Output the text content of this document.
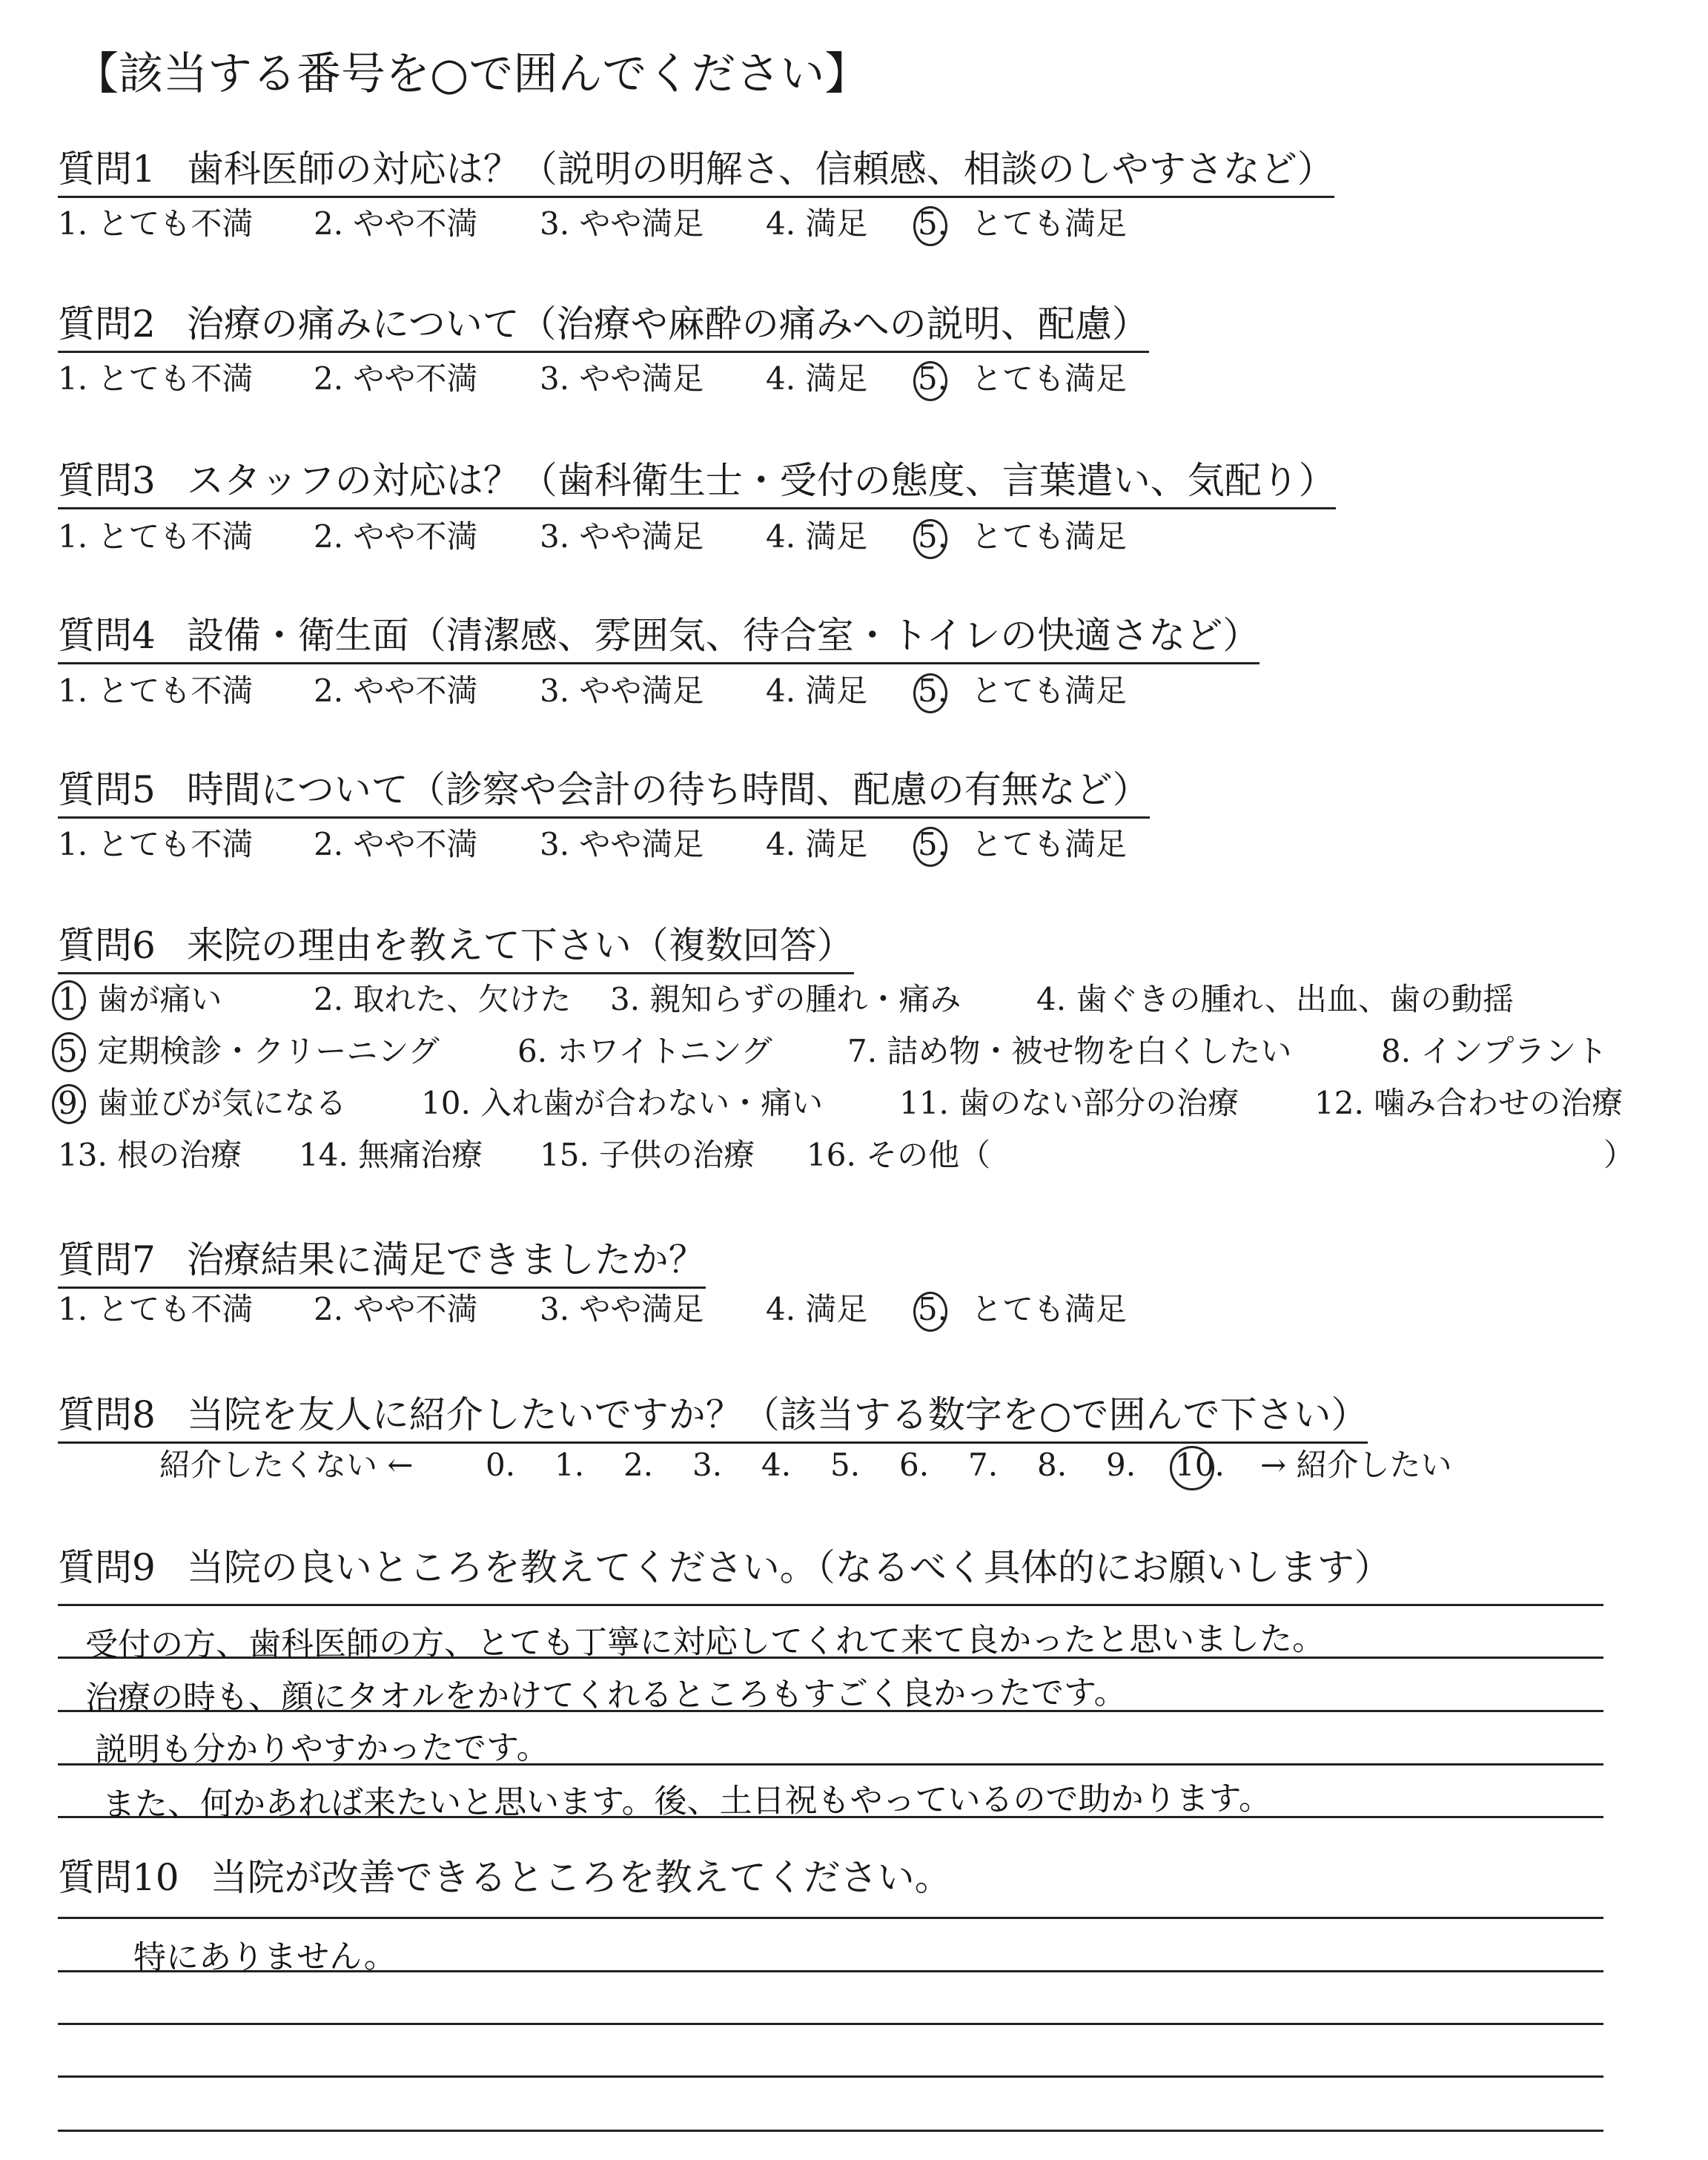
【該当する番号を○で囲んでください】
質問1 歯科医師の対応は？（説明の明解さ、信頼感、相談のしやすさなど）
1. とても不満 2. やや不満 3. やや満足 4. 満足 5. とても満足
質問2 治療の痛みについて（治療や麻酔の痛みへの説明、配慮）
1. とても不満 2. やや不満 3. やや満足 4. 満足 5. とても満足
質問3 スタッフの対応は？（歯科衛生士・受付の態度、言葉遣い、気配り）
1. とても不満 2. やや不満 3. やや満足 4. 満足 5. とても満足
質問4 設備・衛生面（清潔感、雰囲気、待合室・トイレの快適さなど）
1. とても不満 2. やや不満 3. やや満足 4. 満足 5. とても満足
質問5 時間について（診察や会計の待ち時間、配慮の有無など）
1. とても不満 2. やや不満 3. やや満足 4. 満足 5. とても満足
質問6 来院の理由を教えて下さい（複数回答）
1. 歯が痛い	2. 取れた、欠けた 3. 親知らずの腫れ・痛み 4. 歯ぐきの腫れ、出血、歯の動揺
5. 定期検診・クリーニング	6. ホワイトニング 7. 詰め物・被せ物を白くしたい	8. インプラント
9. 歯並びが気になる 10. 入れ歯が合わない・痛い 11. 歯のない部分の治療 12. 噛み合わせの治療
13. 根の治療 14. 無痛治療 15. 子供の治療 16. その他（	）
質問7 治療結果に満足できましたか？
1. とても不満 2. やや不満 3. やや満足 4. 満足 5. とても満足
質問8 当院を友人に紹介したいですか？（該当する数字を○で囲んで下さい）
紹介したくない ← 0. 1. 2. 3. 4. 5. 6. 7. 8. 9. 10. → 紹介したい
質問9 当院の良いところを教えてください。（なるべく具体的にお願いします）
受付の方、歯科医師の方、とても丁寧に対応してくれて来て良かったと思いました。
治療の時も、顔にタオルをかけてくれるところもすごく良かったです。
説明も分かりやすかったです。
また、何かあれば来たいと思います。後、土日祝もやっているので助かります。
質問10 当院が改善できるところを教えてください。
特にありません。
